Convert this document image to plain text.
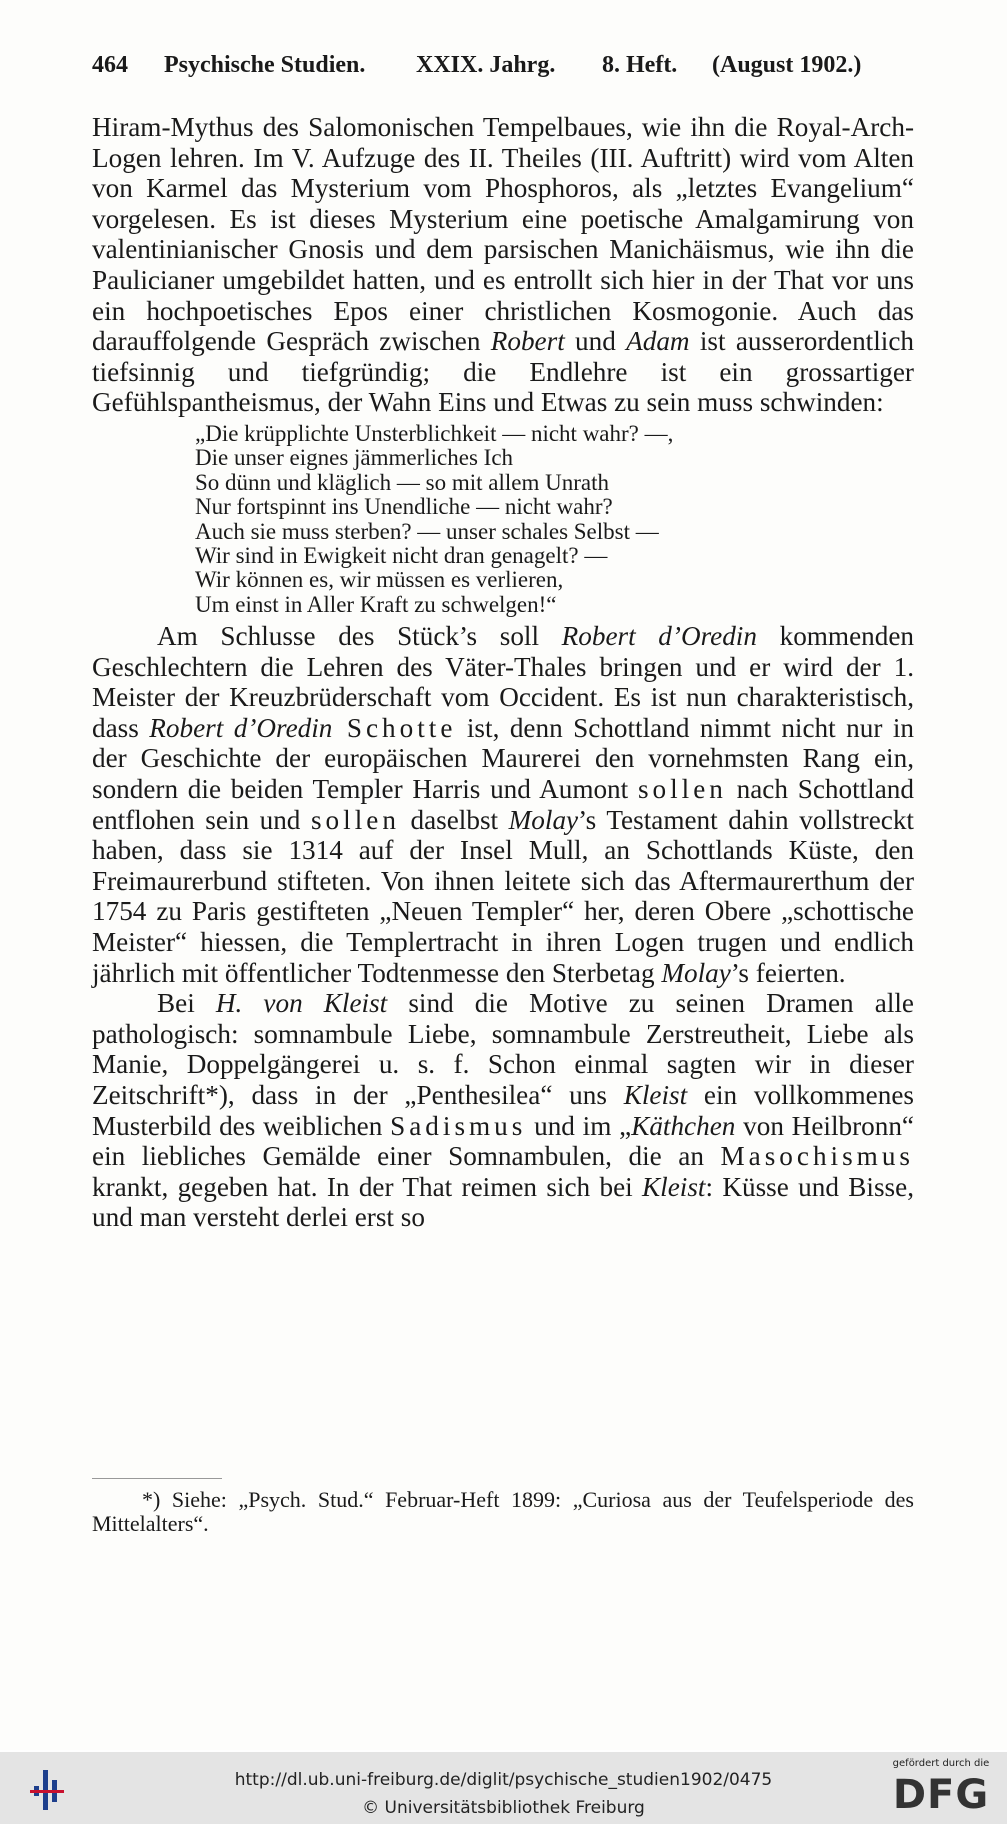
464 Psychische Studien. XXIX. Jahrg. 8. Heft. (August 1902.)

Hiram-Mythus des Salomonischen Tempelbaues, wie ihn die Royal-Arch-Logen lehren. Im V. Aufzuge des II. Theiles (III. Auftritt) wird vom Alten von Karmel das Mysterium vom Phosphoros, als „letztes Evangelium“ vorgelesen. Es ist dieses Mysterium eine poetische Amalgamirung von valentinianischer Gnosis und dem parsischen Manichäismus, wie ihn die Paulicianer umgebildet hatten, und es entrollt sich hier in der That vor uns ein hochpoetisches Epos einer christlichen Kosmogonie. Auch das darauffolgende Gespräch zwischen Robert und Adam ist ausserordentlich tiefsinnig und tiefgründig; die Endlehre ist ein grossartiger Gefühlspantheismus, der Wahn Eins und Etwas zu sein muss schwinden:

„Die krüpplichte Unsterblichkeit — nicht wahr? —,
Die unser eignes jämmerliches Ich
So dünn und kläglich — so mit allem Unrath
Nur fortspinnt ins Unendliche — nicht wahr?
Auch sie muss sterben? — unser schales Selbst —
Wir sind in Ewigkeit nicht dran genagelt? —
Wir können es, wir müssen es verlieren,
Um einst in Aller Kraft zu schwelgen!“

Am Schlusse des Stück’s soll Robert d’Oredin kommenden Geschlechtern die Lehren des Väter-Thales bringen und er wird der 1. Meister der Kreuzbrüderschaft vom Occident. Es ist nun charakteristisch, dass Robert d’Oredin Schotte ist, denn Schottland nimmt nicht nur in der Geschichte der europäischen Maurerei den vornehmsten Rang ein, sondern die beiden Templer Harris und Aumont sollen nach Schottland entflohen sein und sollen daselbst Molay’s Testament dahin vollstreckt haben, dass sie 1314 auf der Insel Mull, an Schottlands Küste, den Freimaurerbund stifteten. Von ihnen leitete sich das Aftermaurerthum der 1754 zu Paris gestifteten „Neuen Templer“ her, deren Obere „schottische Meister“ hiessen, die Templertracht in ihren Logen trugen und endlich jährlich mit öffentlicher Todtenmesse den Sterbetag Molay’s feierten.

Bei H. von Kleist sind die Motive zu seinen Dramen alle pathologisch: somnambule Liebe, somnambule Zerstreutheit, Liebe als Manie, Doppelgängerei u. s. f. Schon einmal sagten wir in dieser Zeitschrift*), dass in der „Penthesilea“ uns Kleist ein vollkommenes Musterbild des weiblichen Sadismus und im „Käthchen von Heilbronn“ ein liebliches Gemälde einer Somnambulen, die an Masochismus krankt, gegeben hat. In der That reimen sich bei Kleist: Küsse und Bisse, und man versteht derlei erst so

*) Siehe: „Psych. Stud.“ Februar-Heft 1899: „Curiosa aus der Teufelsperiode des Mittelalters“.
http://dl.ub.uni-freiburg.de/diglit/psychische_studien1902/0475
© Universitätsbibliothek Freiburg
gefördert durch die
DFG
